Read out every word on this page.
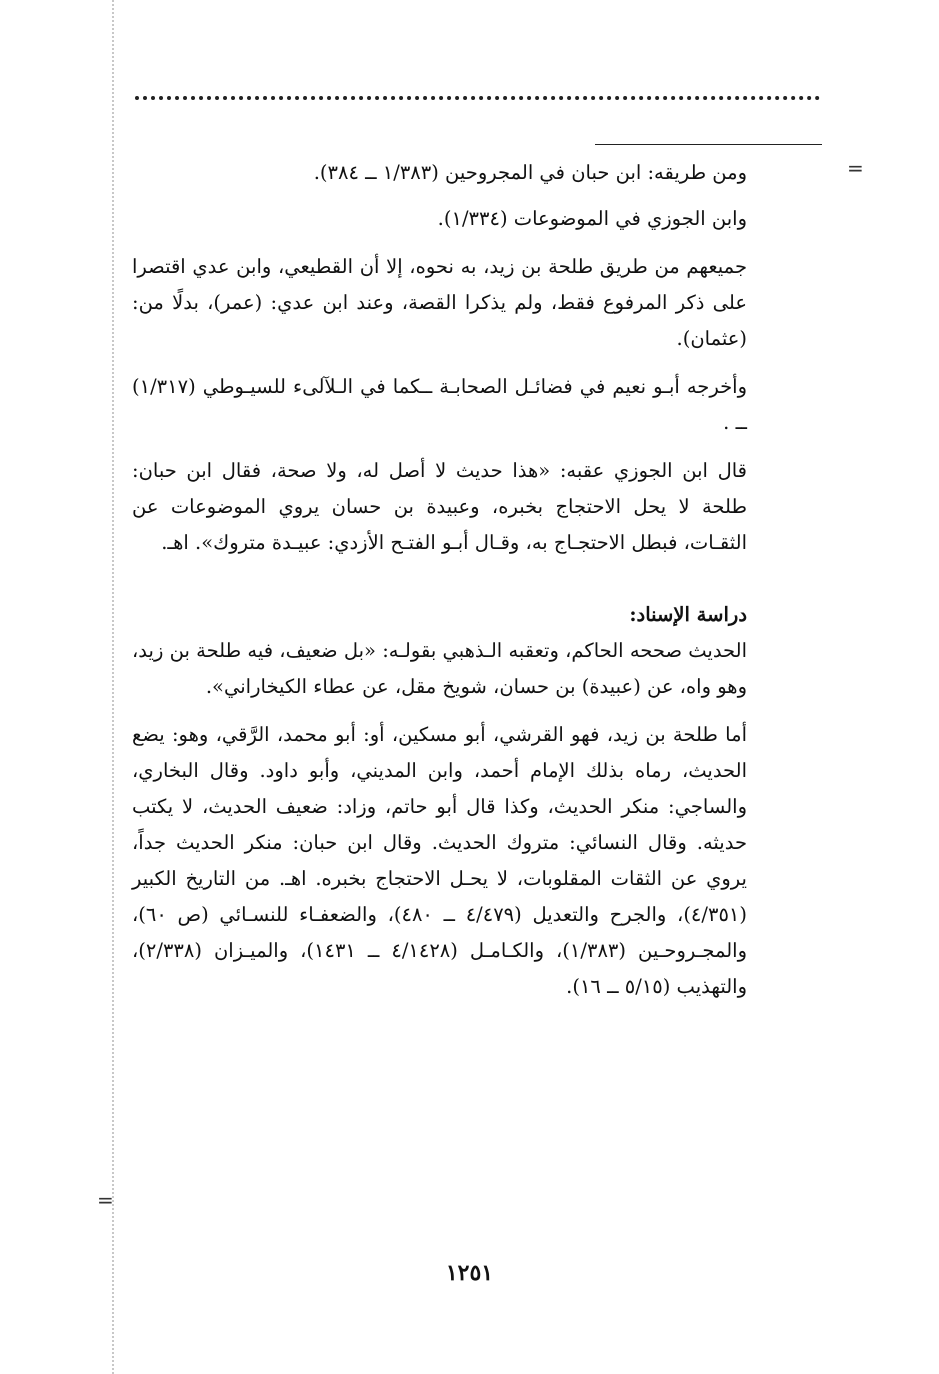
=
=

ومن طريقه: ابن حبان في المجروحين (١/٣٨٣ ــ ٣٨٤).

وابن الجوزي في الموضوعات (١/٣٣٤).

جميعهم من طريق طلحة بن زيد، به نحوه، إلا أن القطيعي، وابن عدي اقتصرا على ذكر المرفوع فقط، ولم يذكرا القصة، وعند ابن عدي: (عمر)، بدلًا من: (عثمان).

وأخرجه أبـو نعيم في فضائـل الصحابـة ــكما في الـلآلىء للسيـوطي (١/٣١٧) ــ .

قال ابن الجوزي عقبه: «هذا حديث لا أصل له، ولا صحة، فقال ابن حبان: طلحة لا يحل الاحتجاج بخبره، وعبيدة بن حسان يروي الموضوعات عن الثقـات، فبطل الاحتجـاج به، وقـال أبـو الفتـح الأزدي: عبيـدة متروك». اهـ.

دراسة الإسناد:

الحديث صححه الحاكم، وتعقبه الـذهبي بقولـه: «بل ضعيف، فيه طلحة بن زيد، وهو واه، عن (عبيدة) بن حسان، شويخ مقل، عن عطاء الكيخاراني».

أما طلحة بن زيد، فهو القرشي، أبو مسكين، أو: أبو محمد، الرَّقي، وهو: يضع الحديث، رماه بذلك الإمام أحمد، وابن المديني، وأبو داود. وقال البخاري، والساجي: منكر الحديث، وكذا قال أبو حاتم، وزاد: ضعيف الحديث، لا يكتب حديثه. وقال النسائي: متروك الحديث. وقال ابن حبان: منكر الحديث جداً، يروي عن الثقات المقلوبات، لا يحـل الاحتجاج بخبره. اهـ. من التاريخ الكبير (٤/٣٥١)، والجرح والتعديل (٤/٤٧٩ ــ ٤٨٠)، والضعفـاء للنسـائي (ص ٦٠)، والمجـروحـين (١/٣٨٣)، والكـامـل (٤/١٤٢٨ ــ ١٤٣١)، والميـزان (٢/٣٣٨)، والتهذيب (٥/١٥ ــ ١٦).

١٢٥١
